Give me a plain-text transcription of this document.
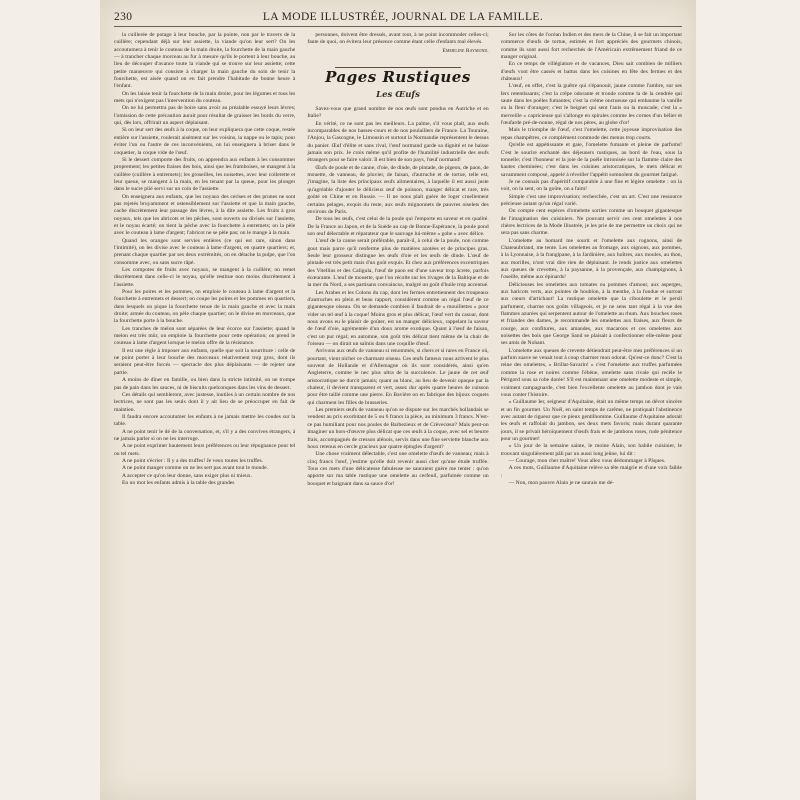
230	LA MODE ILLUSTRÉE, JOURNAL DE LA FAMILLE.

la cuillerée de potage à leur bouche, par la pointe, non par le travers de la cuillère; cependant déjà sur leur assiette, la viande qu'on leur sert? On les accoutumera à tenir le couteau de la main droite, la fourchette de la main gauche — à trancher chaque morceau au fur à mesure qu'ils le portent à leur bouche, au lieu de découper d'avance toute la viande qui se trouve sur leur assiette; cette petite manœuvre qui consiste à charger la main gauche du soin de tenir la fourchette, est aisée quand on en fait prendre l'habitude de bonne heure à l'enfant.

On les laisse tenir la fourchette de la main droite, pour les légumes et tous les mets qui n'exigent pas l'intervention du couteau.

On ne lui permettra pas de boire sans avoir au préalable essuyé leurs lèvres; l'omission de cette précaution aurait pour résultat de graisser les bords du verre, qui, dès lors, offrirait un aspect déplaisant.

Si on leur sert des œufs à la coque, on leur expliquera que cette coque, restée entière sur l'assiette, roulerait aisément sur les voisins, la nappe ou le tapis; pour éviter l'un ou l'autre de ces inconvénients, on lui enseignera à briser dans le coquetier, la coque vide de l'œuf.

Si le dessert comporte des fruits, on apprendra aux enfants à les consommer proprement; les petites fraises des bois, ainsi que les framboises, se mangent à la cuillère (cuillère à entremets); les groseilles, les noisettes, avec leur collerette et leur queue, se mangent à la main, en les tenant par la queue, pour les plonger dans le sucre plié servi sur un coin de l'assiette.

On enseignera aux enfants, que les noyaux des cerises et des prunes ne sont pas rejetés bruyamment et ostensiblement sur l'assiette et que la main gauche, cache discrètement leur passage des lèvres, à la dite assiette. Les fruits à gros noyaux, tels que les abricots et les pêches, sont ouverts ou divisés sur l'assiette, et le noyau écarté; on tient la pêche avec la fourchette à entremets; on la pèle avec le couteau à lame d'argent; l'abricot ne se pèle pas; on le mange à la main.

Quand les oranges sont servies entières (ce qui est rare, sinon dans l'intimité), on les divise avec le couteau à lame d'argent, en quatre quartiers; et, prenant chaque quartier par ses deux extrémités, on en détache la pulpe, que l'on consomme avec, ou sans sucre râpé.

Les compotes de fruits avec noyaux, se mangent à la cuillère; on remet discrètement dans celle-ci le noyau, qu'elle restitue non moins discrètement à l'assiette.

Pour les poires et les pommes, on emploie le couteau à lame d'argent et la fourchette à entremets et dessert; on coupe les poires et les pommes en quartiers, dans lesquels on pique la fourchette tenue de la main gauche et avec la main droite; armée du couteau, on pèle chaque quartier; on le divise en morceaux, que la fourchette porte à la bouche.

Les tranches de melon sont séparées de leur écorce sur l'assiette; quand le melon est très mûr, on emploie la fourchette pour cette opération; on prend le couteau à lame d'argent lorsque le melon offre de la résistance.

Il est une règle à imposer aux enfants, quelle que soit la nourriture : celle de ne point porter à leur bouche des morceaux relativement trop gros, dont ils seraient peut-être forcés — spectacle des plus déplaisants — de rejeter une partie.

A moins de dîner en famille, ou bien dans la stricte intimité, on ne trompe pas de pain dans les sauces, ni de biscuits quelconques dans les vins de dessert.

Ces détails qui sembleront, avec justesse, inutiles à un certain nombre de nos lectrices, ne sont pas les seuls dont il y ait lieu de se préoccuper en fait de maintien.

Il faudra encore accoutumer les enfants à ne jamais mettre les coudes sur la table.

A ne point tenir le dé de la conversation, et, s'il y a des convives étrangers, à ne jamais parler si on ne les interroge.

A ne point exprimer hautement leurs préférences ou leur répugnance pour tel ou tel mets.

A ne point s'écrier : Il y a des truffes! Je veux toutes les truffes.

A ne point manger comme on ne les sert pas avant tout le monde.

A accepter ce qu'on leur donne, sans exiger plus ni mieux.

En un mot les enfants admis à la table des grandes

personnes, doivent être dressés, avant tout, à ne point incommoder celles-ci; faute de quoi, on évitera leur présence comme étant celle d'enfants mal élevés.

Emmeline Raymond.

Pages Rustiques
Les Œufs

Savez-vous que grand nombre de nos œufs sont pondus en Autriche et en Italie?

En vérité, ce ne sont pas les meilleurs. La palme, s'il vous plaît, aux œufs incomparables de nos basses-cours et de nos poulaillers de France. La Touraine, l'Anjou, la Gascogne, le Limousin et surtout la Normandie représentent le dessus du panier. Œuf d'élite et sans rival, l'œuf normand garde sa dignité et ne baisse jamais son prix. Je crois même qu'il profite de l'humilité industrielle des œufs étrangers pour se faire valoir. Il est bien de son pays, l'œuf normand!

Œufs de poule et de canne, d'oie, de dinde, de pintade, de pigeon, de paon, de mouette, de vanneau, de pluvier, de faisan, d'autruche et de tortue, telle est, j'imagine, la liste des principaux œufs alimentaires, à laquelle il est aussi juste qu'agréable d'ajouter le délicieux œuf de poisson, manger délicat et rare, très goûté en Chine et en Russie. — Il ne nous plaît guère de loger cruellement certains pelages, exquis du reste, aux œufs mignonnets de pauvres oiselets des environs de Paris.

De tous les œufs, c'est celui de la poule qui l'emporte en saveur et en qualité. De la France au Japon, et de la Suède au cap de Bonne-Espérance, la poule pond son œuf délectable et réparateur que le sauvage lui-même « gobe » avec délice.

L'œuf de la canne serait préférable, paraît-il, à celui de la poule, non comme gout mais parce qu'il renferme plus de matières azotées et de principes gras. Seule leur grosseur distingue les œufs d'oie et les œufs de dinde. L'œuf de pintade est très petit mais d'un goût exquis. Et chez aux préférences excentriques des Vitellius et des Caligula, l'œuf de paon est d'une saveur trop âcrete, parfois écœurante. L'œuf de mouette, que l'on récolte sur les rivages de la Baltique et de la mer du Nord, a ses partisans convaincus, malgré un goût d'huile trop accentué.

Les Arabes et les Colons du cap, dont les fermes entretiennent des troupeaux d'autruches en plein et beau rapport, considèrent comme un régal l'œuf de ce gigantesque oiseau. On se demande combien il faudrait de « mouillettes » pour vider un tel œuf à la coque! Moins gros et plus délicat, l'œuf vert du casoar, dont nous avons eu le plaisir de goûter, est un manger délicieux, rappelant la saveur de l'œuf d'oie, agrémentée d'un doux arome exotique. Quant à l'œuf de faisan, c'est un pur régal; en automne, son goût très délicat tient même de la chair de l'oiseau — on dirait un salmis dans une coquille d'œuf.

Arrivons aux œufs de vanneau si renommés, si chers et si rares en France où, pourtant, vient nicher ce charmant oiseau. Ces œufs fameux nous arrivent le plus souvent de Hollande et d'Allemagne où ils sont considérés, ainsi qu'en Angleterre, comme le nec plus ultra de la succulence. Le jaune de cet œuf aristocratique ne durcit jamais; quant au blanc, au lieu de devenir opaque par la chaleur, il devient transparent et vert, assez dur après quatre heures de cuisson pour être taillé comme une pierre. En Bavière on en fabrique des bijoux coquets qui charment les filles de brasseries.

Les premiers œufs de vanneau qu'on se dispute sur les marchés hollandais se vendent au prix exorbitant de 5 ou 6 francs la pièce, au minimum 3 francs. N'est-ce pas humiliant pour nos poules de Barbezieux et de Crèvecœur? Mais peut-on imaginer un hors-d'œuvre plus délicat que ces œufs à la coque, avec sel et beurre frais, accompagnés de cresson alénois, servis dans une fine serviette blanche aux houx retenus en cercle gracieux par quatre épingles d'argent?

Une chose vraiment délectable, c'est une omelette d'œufs de vanneau; mais à cinq francs l'œuf, j'estime qu'elle doit revenir aussi cher qu'une étude truffée. Tous ces mets d'une délicatesse fabuleuse ne sauraient guère me tenter : qu'on apporte sur ma table rustique une omelette au cerfeuil, parfumée comme un bouquet et baignant dans sa sauce d'or!

Sur les côtes de l'océan Indien et des mers de la Chine, il se fait un important commerce d'œufs de tortue, estimés et fort appréciés des gourmets chinois, comme ils sont aussi fort recherchés de l'Américain extrêmement friand de ce manger original.

En ce temps de villégiature et de vacances, Dieu sait combien de milliers d'œufs vont être cassés et battus dans les cuisines en fête des fermes et des châteaux!

L'œuf, en effet, c'est la guêtre qui s'épanouit, jaune comme l'ambre, sur ses fers retentissants; c'est la crêpe odorante et tronde comme la de la cendrée qui saute dans les poêles fumantes; c'est la crème onctueuse qui embaume la vanille ou la fleur d'oranger; c'est le beignet qui sent l'anis ou la muscade; c'est la « merveille » capricieuse qui s'allonge en spirales comme les cornes d'un bélier et l'œufarde pré-de-nonne, régal de nos pères, au globe d'or!

Mais le triomphe de l'œuf, c'est l'omelette, cette joyeuse improvisation des repas champêtres, ce complément commode des menus trop courts.

Qu'elle est appétissante et gaie, l'omelette fumante et pleine de parfums! C'est le sourire enchanté des déjeuners rustiques, au bord de l'eau, sous la tonnelle; c'est l'honneur et la joie de la poêle intronisée sur la flamme claire des hautes cheminées; c'est dans les cuisines aristocratiques, le mets délicat et savamment composé, appelé à réveiller l'appétit somnolent du gourmet fatigué.

Je ne connais pas d'apéritif comparable à une fine et légère omelette : on la voit, on la sent, on la goûte, on a faim!

Simple c'est une improvisation; recherchée, c'est un art. C'est une ressource précieuse autant qu'un régal varié.

On compte cent espèces d'omelette sorties comme un bouquet gigantesque de l'imagination des cuisiniers. Ne pouvant servir ces cent omelettes à nos chères lectrices de la Mode Illustrée, je les prie de me permettre un choix qui ne sera pas sans charme.

L'omelette au homard me sourit et l'omelette aux rognons, ainsi de Chateaubriand, me tente. Les omelettes au fromage, aux oignons, aux pommes, à la Lyonnaise, à la frangipane, à la Jardinière, aux huîtres, aux moules, au thon, aux morilles, n'ont vrai dire rien de déplaisant. Je rends justice aux omelettes aux queues de crevettes, à la paysanne, à la provençale, aux champignons, à l'oseille, même aux épinards!

Délicieuses les omelettes aux tomates ou pommes d'amour, aux asperges, aux haricots verts, aux pointes de houblon, à la menthe, à la fondue et surtout aux cœurs d'artichaut! La rustique omelette que la ciboulette et le persil parfument, charme nos goûts villageois, et je ne sens tant régal à la vue des flammes azurées qui serpentent autour de l'omelette au rhum. Aux bouches roses et friandes des dames, je recommande les omelettes aux fraises, aux fleurs de courge, aux confitures, aux amandes, aux macarons et ces omelettes aux noisettes des bois que George Sand se plaisait à confectionner elle-même pour ses amis de Nohant.

L'omelette aux queues de crevette détiendrait peut-être mes préférences si un parfum suave ne venait tout à coup charmer mon odorat. Qu'est-ce donc? C'est la reine des omelettes, « Brillat-Savarin! » c'est l'omelette aux truffes parfumées comme la rose et noires comme l'ébène, omelette sans rivale qui recèle le Périgord sous sa robe dorée! S'il est maintenant une omelette modeste et simple, vraiment campagnarde, c'est bien l'excellente omelette au jambon dont je vais vous conter l'histoire.

« Guillaume Ier, seigneur d'Aquitaine, était un même temps un dévot sincère et un fin gourmet. Un Noël, en saint temps de carême, ne pratiquait l'abstinence avec autant de rigueur que ce pieux gentilhomme. Guillaume d'Aquitaine adorait les œufs et raffolait du jambon, ses deux mets favoris; mais durant quarante jours, il se privait héroïquement d'œufs frais et de jambons roses, rude pénitence pour un gourmet!

« Un jour de la semaine sainte, le moine Alain, son habile cuisinier, le trouvant singulièrement pâli par un aussi long jeûne, lui dit :

— Courage, mon cher maître! Vous allez vous dédommager à Pâques.

A ces mots, Guillaume d'Aquitaine relève sa tête maigrie et d'une voix faible :

— Non, mon pauvre Alain je ne saurais me dé-
